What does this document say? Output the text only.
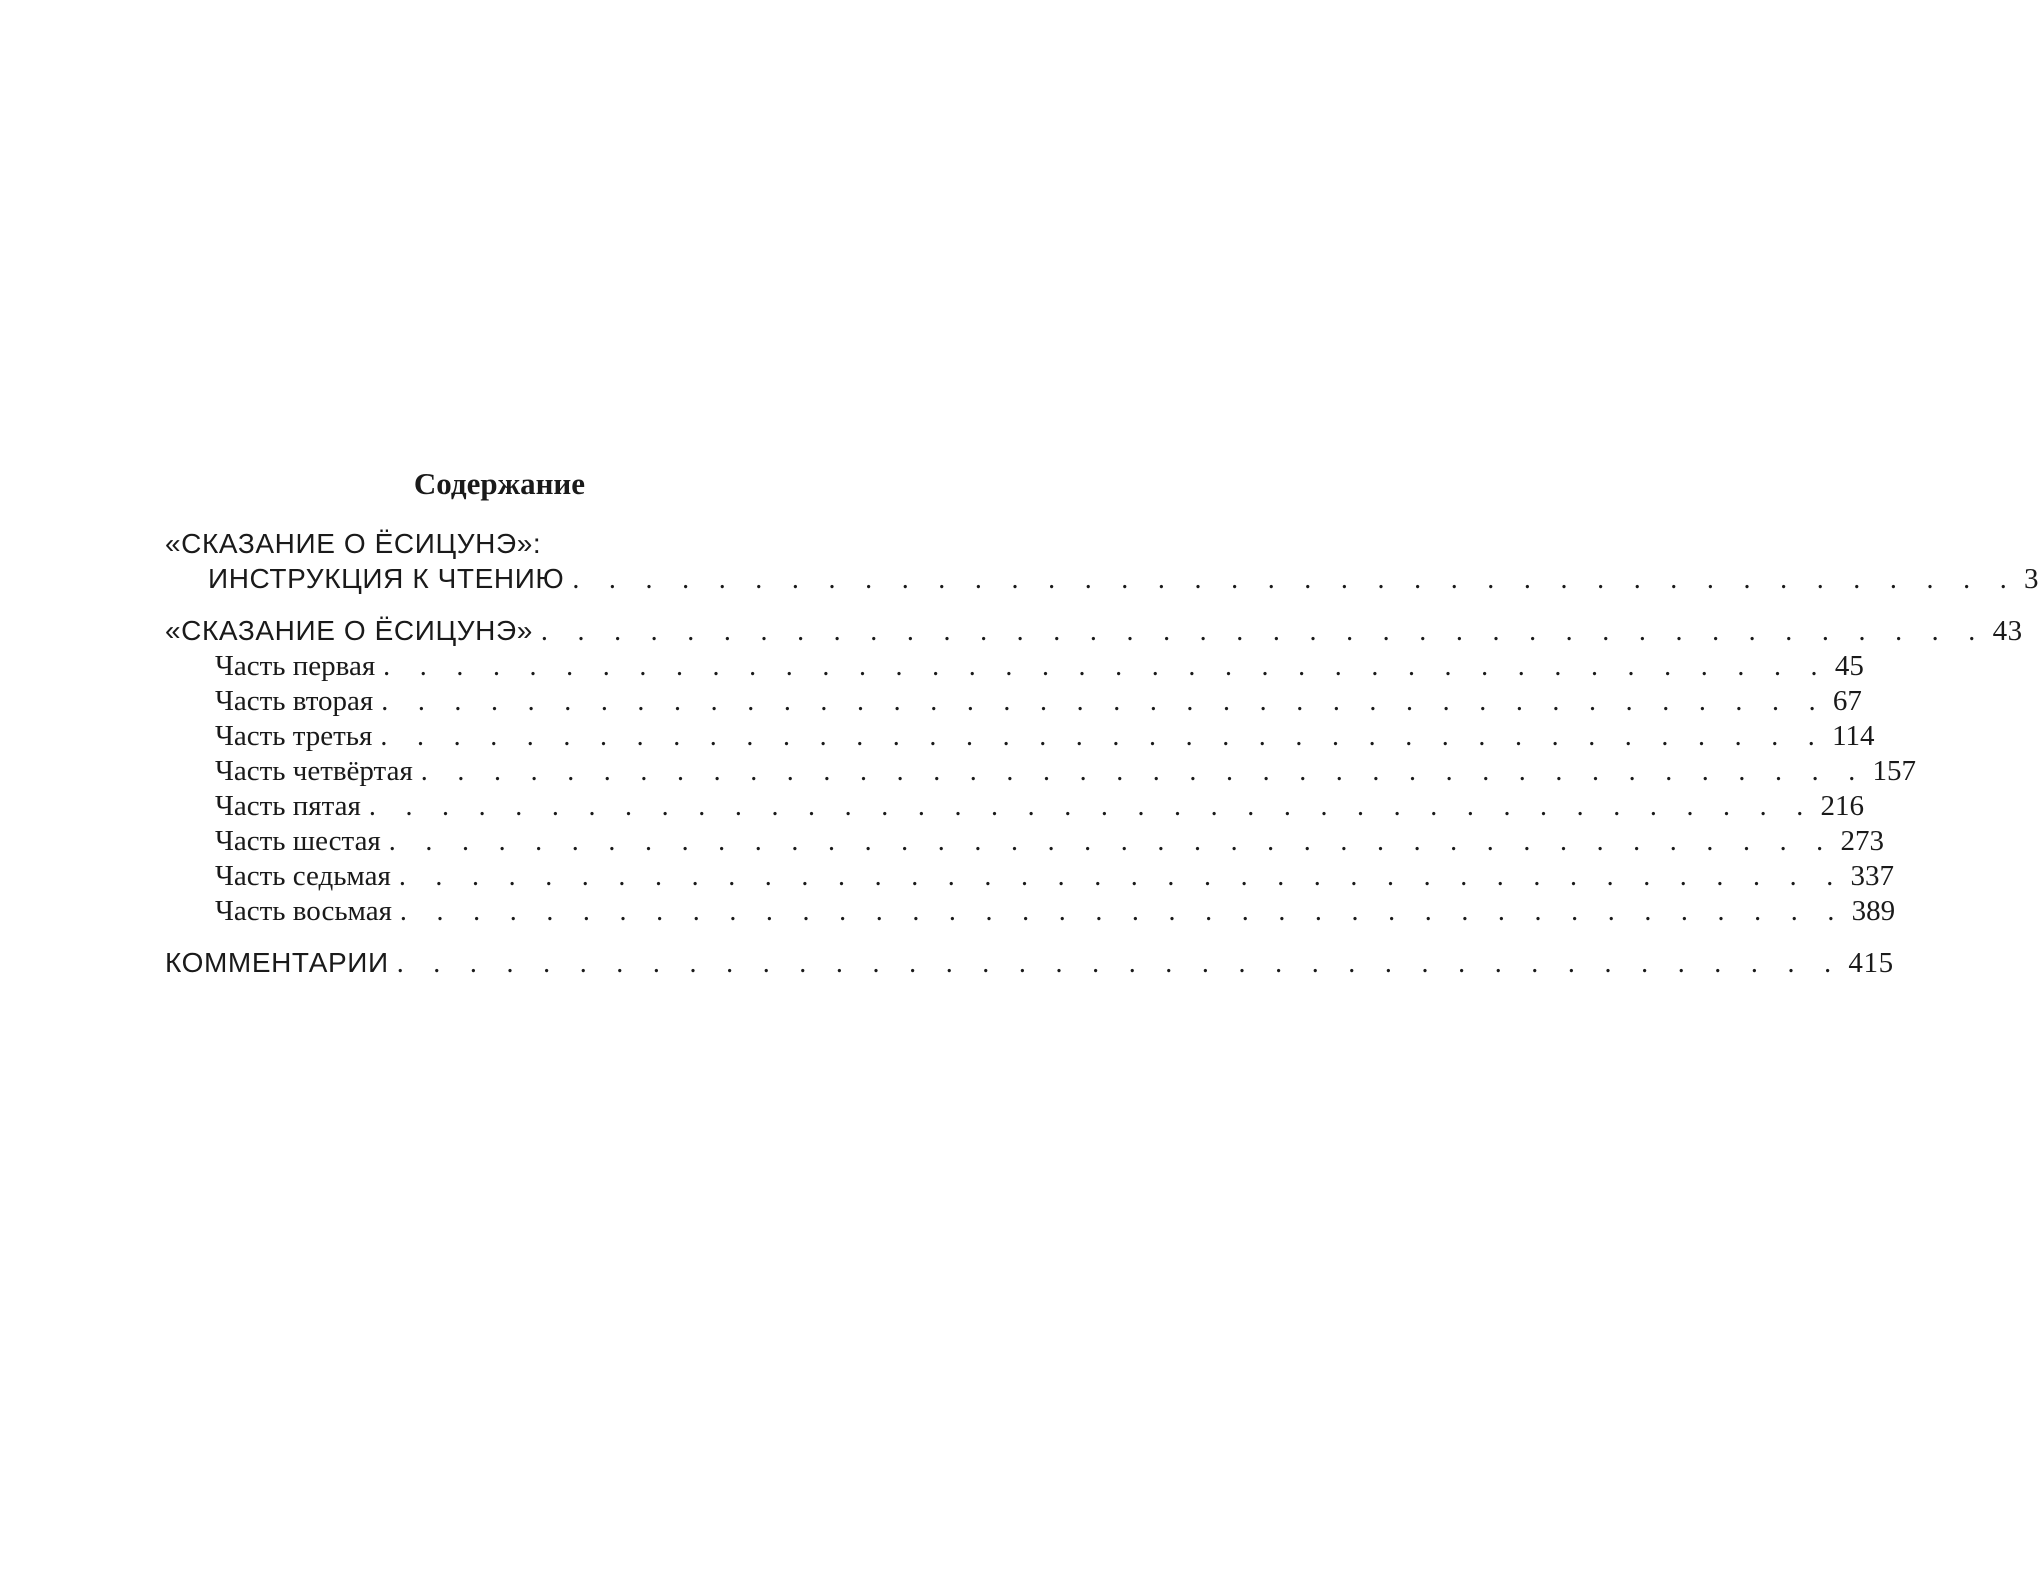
Содержание
«СКАЗАНИЕ О ЁСИЦУНЭ»:
ИНСТРУКЦИЯ К ЧТЕНИЮ . . . . . . . . . . . . . . . . . . . . . . . . . . . . . . . . . . . . . . . . 3
«СКАЗАНИЕ О ЁСИЦУНЭ» . . . . . . . . . . . . . . . . . . . . . . . . . . . . . . . . . . . . . . . . 43
Часть первая . . . . . . . . . . . . . . . . . . . . . . . . . . . . . . . . . . . . . . . . 45
Часть вторая . . . . . . . . . . . . . . . . . . . . . . . . . . . . . . . . . . . . . . . . 67
Часть третья . . . . . . . . . . . . . . . . . . . . . . . . . . . . . . . . . . . . . . . . 114
Часть четвёртая . . . . . . . . . . . . . . . . . . . . . . . . . . . . . . . . . . . . . . . . 157
Часть пятая . . . . . . . . . . . . . . . . . . . . . . . . . . . . . . . . . . . . . . . . 216
Часть шестая . . . . . . . . . . . . . . . . . . . . . . . . . . . . . . . . . . . . . . . . 273
Часть седьмая . . . . . . . . . . . . . . . . . . . . . . . . . . . . . . . . . . . . . . . . 337
Часть восьмая . . . . . . . . . . . . . . . . . . . . . . . . . . . . . . . . . . . . . . . . 389
КОММЕНТАРИИ . . . . . . . . . . . . . . . . . . . . . . . . . . . . . . . . . . . . . . . . 415
